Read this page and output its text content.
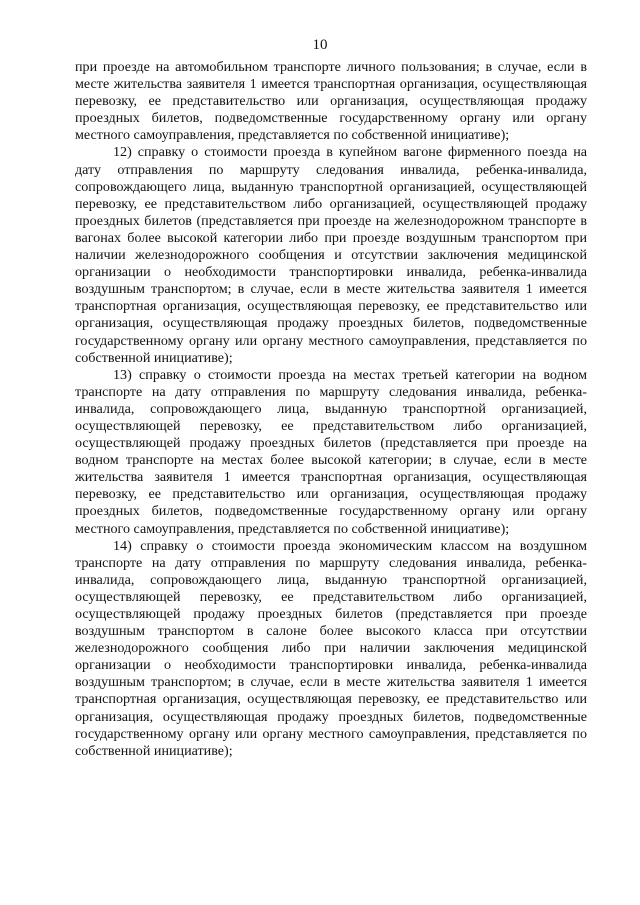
10

при проезде на автомобильном транспорте личного пользования; в случае, если в месте жительства заявителя 1 имеется транспортная организация, осуществляющая перевозку, ее представительство или организация, осуществляющая продажу проездных билетов, подведомственные государственному органу или органу местного самоуправления, представляется по собственной инициативе);

12) справку о стоимости проезда в купейном вагоне фирменного поезда на дату отправления по маршруту следования инвалида, ребенка-инвалида, сопровождающего лица, выданную транспортной организацией, осуществляющей перевозку, ее представительством либо организацией, осуществляющей продажу проездных билетов (представляется при проезде на железнодорожном транспорте в вагонах более высокой категории либо при проезде воздушным транспортом при наличии железнодорожного сообщения и отсутствии заключения медицинской организации о необходимости транспортировки инвалида, ребенка-инвалида воздушным транспортом; в случае, если в месте жительства заявителя 1 имеется транспортная организация, осуществляющая перевозку, ее представительство или организация, осуществляющая продажу проездных билетов, подведомственные государственному органу или органу местного самоуправления, представляется по собственной инициативе);

13) справку о стоимости проезда на местах третьей категории на водном транспорте на дату отправления по маршруту следования инвалида, ребенка-инвалида, сопровождающего лица, выданную транспортной организацией, осуществляющей перевозку, ее представительством либо организацией, осуществляющей продажу проездных билетов (представляется при проезде на водном транспорте на местах более высокой категории; в случае, если в месте жительства заявителя 1 имеется транспортная организация, осуществляющая перевозку, ее представительство или организация, осуществляющая продажу проездных билетов, подведомственные государственному органу или органу местного самоуправления, представляется по собственной инициативе);

14) справку о стоимости проезда экономическим классом на воздушном транспорте на дату отправления по маршруту следования инвалида, ребенка-инвалида, сопровождающего лица, выданную транспортной организацией, осуществляющей перевозку, ее представительством либо организацией, осуществляющей продажу проездных билетов (представляется при проезде воздушным транспортом в салоне более высокого класса при отсутствии железнодорожного сообщения либо при наличии заключения медицинской организации о необходимости транспортировки инвалида, ребенка-инвалида воздушным транспортом; в случае, если в месте жительства заявителя 1 имеется транспортная организация, осуществляющая перевозку, ее представительство или организация, осуществляющая продажу проездных билетов, подведомственные государственному органу или органу местного самоуправления, представляется по собственной инициативе);
